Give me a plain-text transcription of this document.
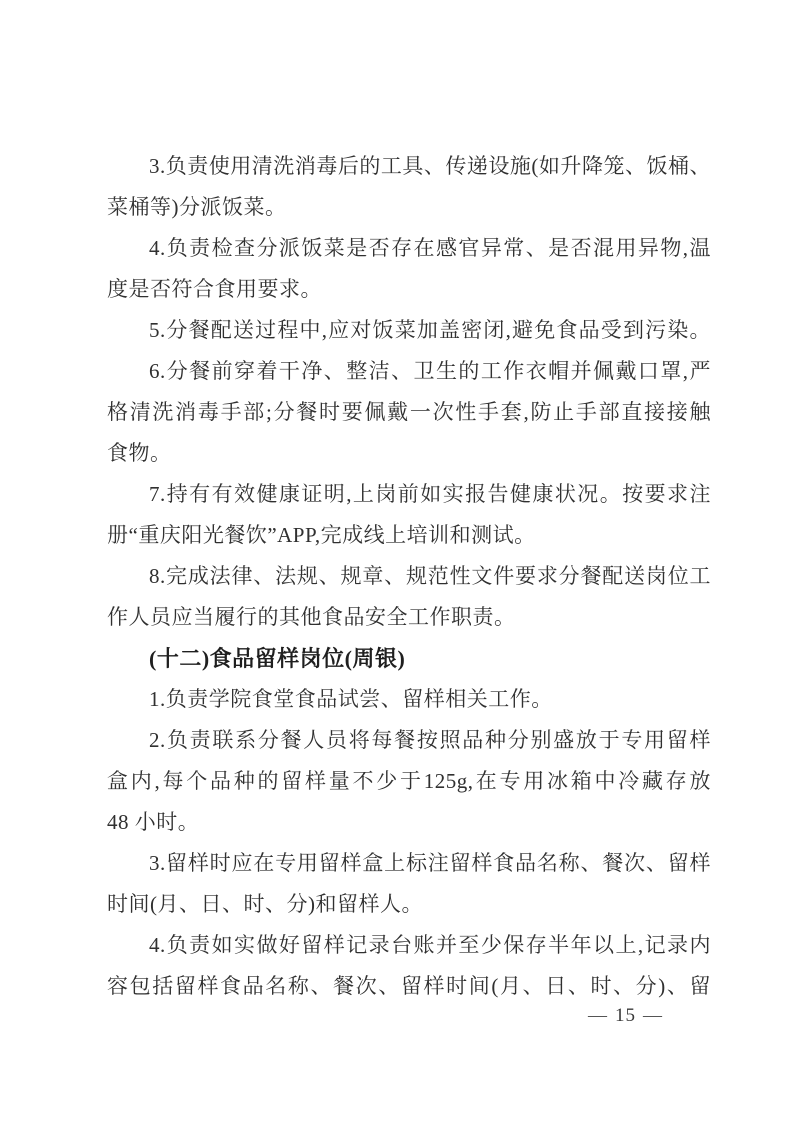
3.负责使用清洗消毒后的工具、传递设施(如升降笼、饭桶、
菜桶等)分派饭菜。
4.负责检查分派饭菜是否存在感官异常、是否混用异物,温
度是否符合食用要求。
5.分餐配送过程中,应对饭菜加盖密闭,避免食品受到污染。
6.分餐前穿着干净、整洁、卫生的工作衣帽并佩戴口罩,严
格清洗消毒手部;分餐时要佩戴一次性手套,防止手部直接接触
食物。
7.持有有效健康证明,上岗前如实报告健康状况。按要求注
册“重庆阳光餐饮”APP,完成线上培训和测试。
8.完成法律、法规、规章、规范性文件要求分餐配送岗位工
作人员应当履行的其他食品安全工作职责。
(十二)食品留样岗位(周银)
1.负责学院食堂食品试尝、留样相关工作。
2.负责联系分餐人员将每餐按照品种分别盛放于专用留样
盒内,每个品种的留样量不少于125g,在专用冰箱中冷藏存放
48 小时。
3.留样时应在专用留样盒上标注留样食品名称、餐次、留样
时间(月、日、时、分)和留样人。
4.负责如实做好留样记录台账并至少保存半年以上,记录内
容包括留样食品名称、餐次、留样时间(月、日、时、分)、留
— 15 —
